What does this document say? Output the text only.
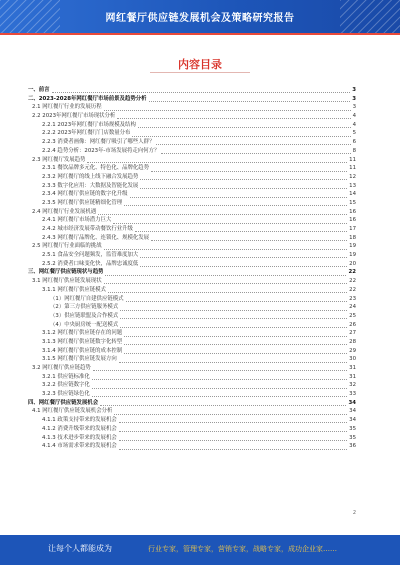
网红餐厅供应链发展机会及策略研究报告
内容目录
一、前言	3
二、2023-2028年网红餐厅市场前景及趋势分析	3
2.1 网红餐厅行业的发展历程	3
2.2 2023年网红餐厅市场现状分析	4
2.2.1 2023年网红餐厅市场规模及结构	4
2.2.2 2023年网红餐厅门店数量分布	5
2.2.3 消费者画像：网红餐厅吸引了哪些人群？	6
2.2.4 趋势分析：2023年-市场发展将走向何方？	8
2.3 网红餐厅发展趋势	11
2.3.1 餐饮品牌多元化、特色化、品牌化趋势	11
2.3.2 网红餐厅的线上线下融合发展趋势	12
2.3.3 数字化应用：大数据及智能化发展	13
2.3.4 网红餐厅供应链的数字化升级	14
2.3.5 网红餐厅供应链精细化管理	15
2.4 网红餐厅行业发展机遇	16
2.4.1 网红餐厅市场潜力巨大	16
2.4.2 城市经济发展带动餐饮行业升级	17
2.4.3 网红餐厅品牌化、连锁化、规模化发展	18
2.5 网红餐厅行业面临的挑战	19
2.5.1 食品安全问题频发，监管难度加大	19
2.5.2 消费者口味变化快，品牌忠诚度低	20
三、网红餐厅供应链现状与趋势	22
3.1 网红餐厅供应链发展现状	22
3.1.1 网红餐厅供应链模式	22
（1）网红餐厅自建供应链模式	23
（2）第三方供应链服务模式	24
（3）供应链联盟及合作模式	25
（4）中央厨房统一配送模式	26
3.1.2 网红餐厅供应链存在的问题	27
3.1.3 网红餐厅供应链数字化转型	28
3.1.4 网红餐厅供应链的成本控制	29
3.1.5 网红餐厅供应链发展方向	30
3.2 网红餐厅供应链趋势	31
3.2.1 供应链标准化	31
3.2.2 供应链数字化	32
3.2.3 供应链绿色化	33
四、网红餐厅供应链发展机会	34
4.1 网红餐厅供应链发展机会分析	34
4.1.1 政策支持带来的发展机会	34
4.1.2 消费升级带来的发展机会	35
4.1.3 技术进步带来的发展机会	35
4.1.4 市场需求带来的发展机会	36
2
让每个人都能成为	行业专家，管理专家，营销专家，战略专家，成功企业家……
